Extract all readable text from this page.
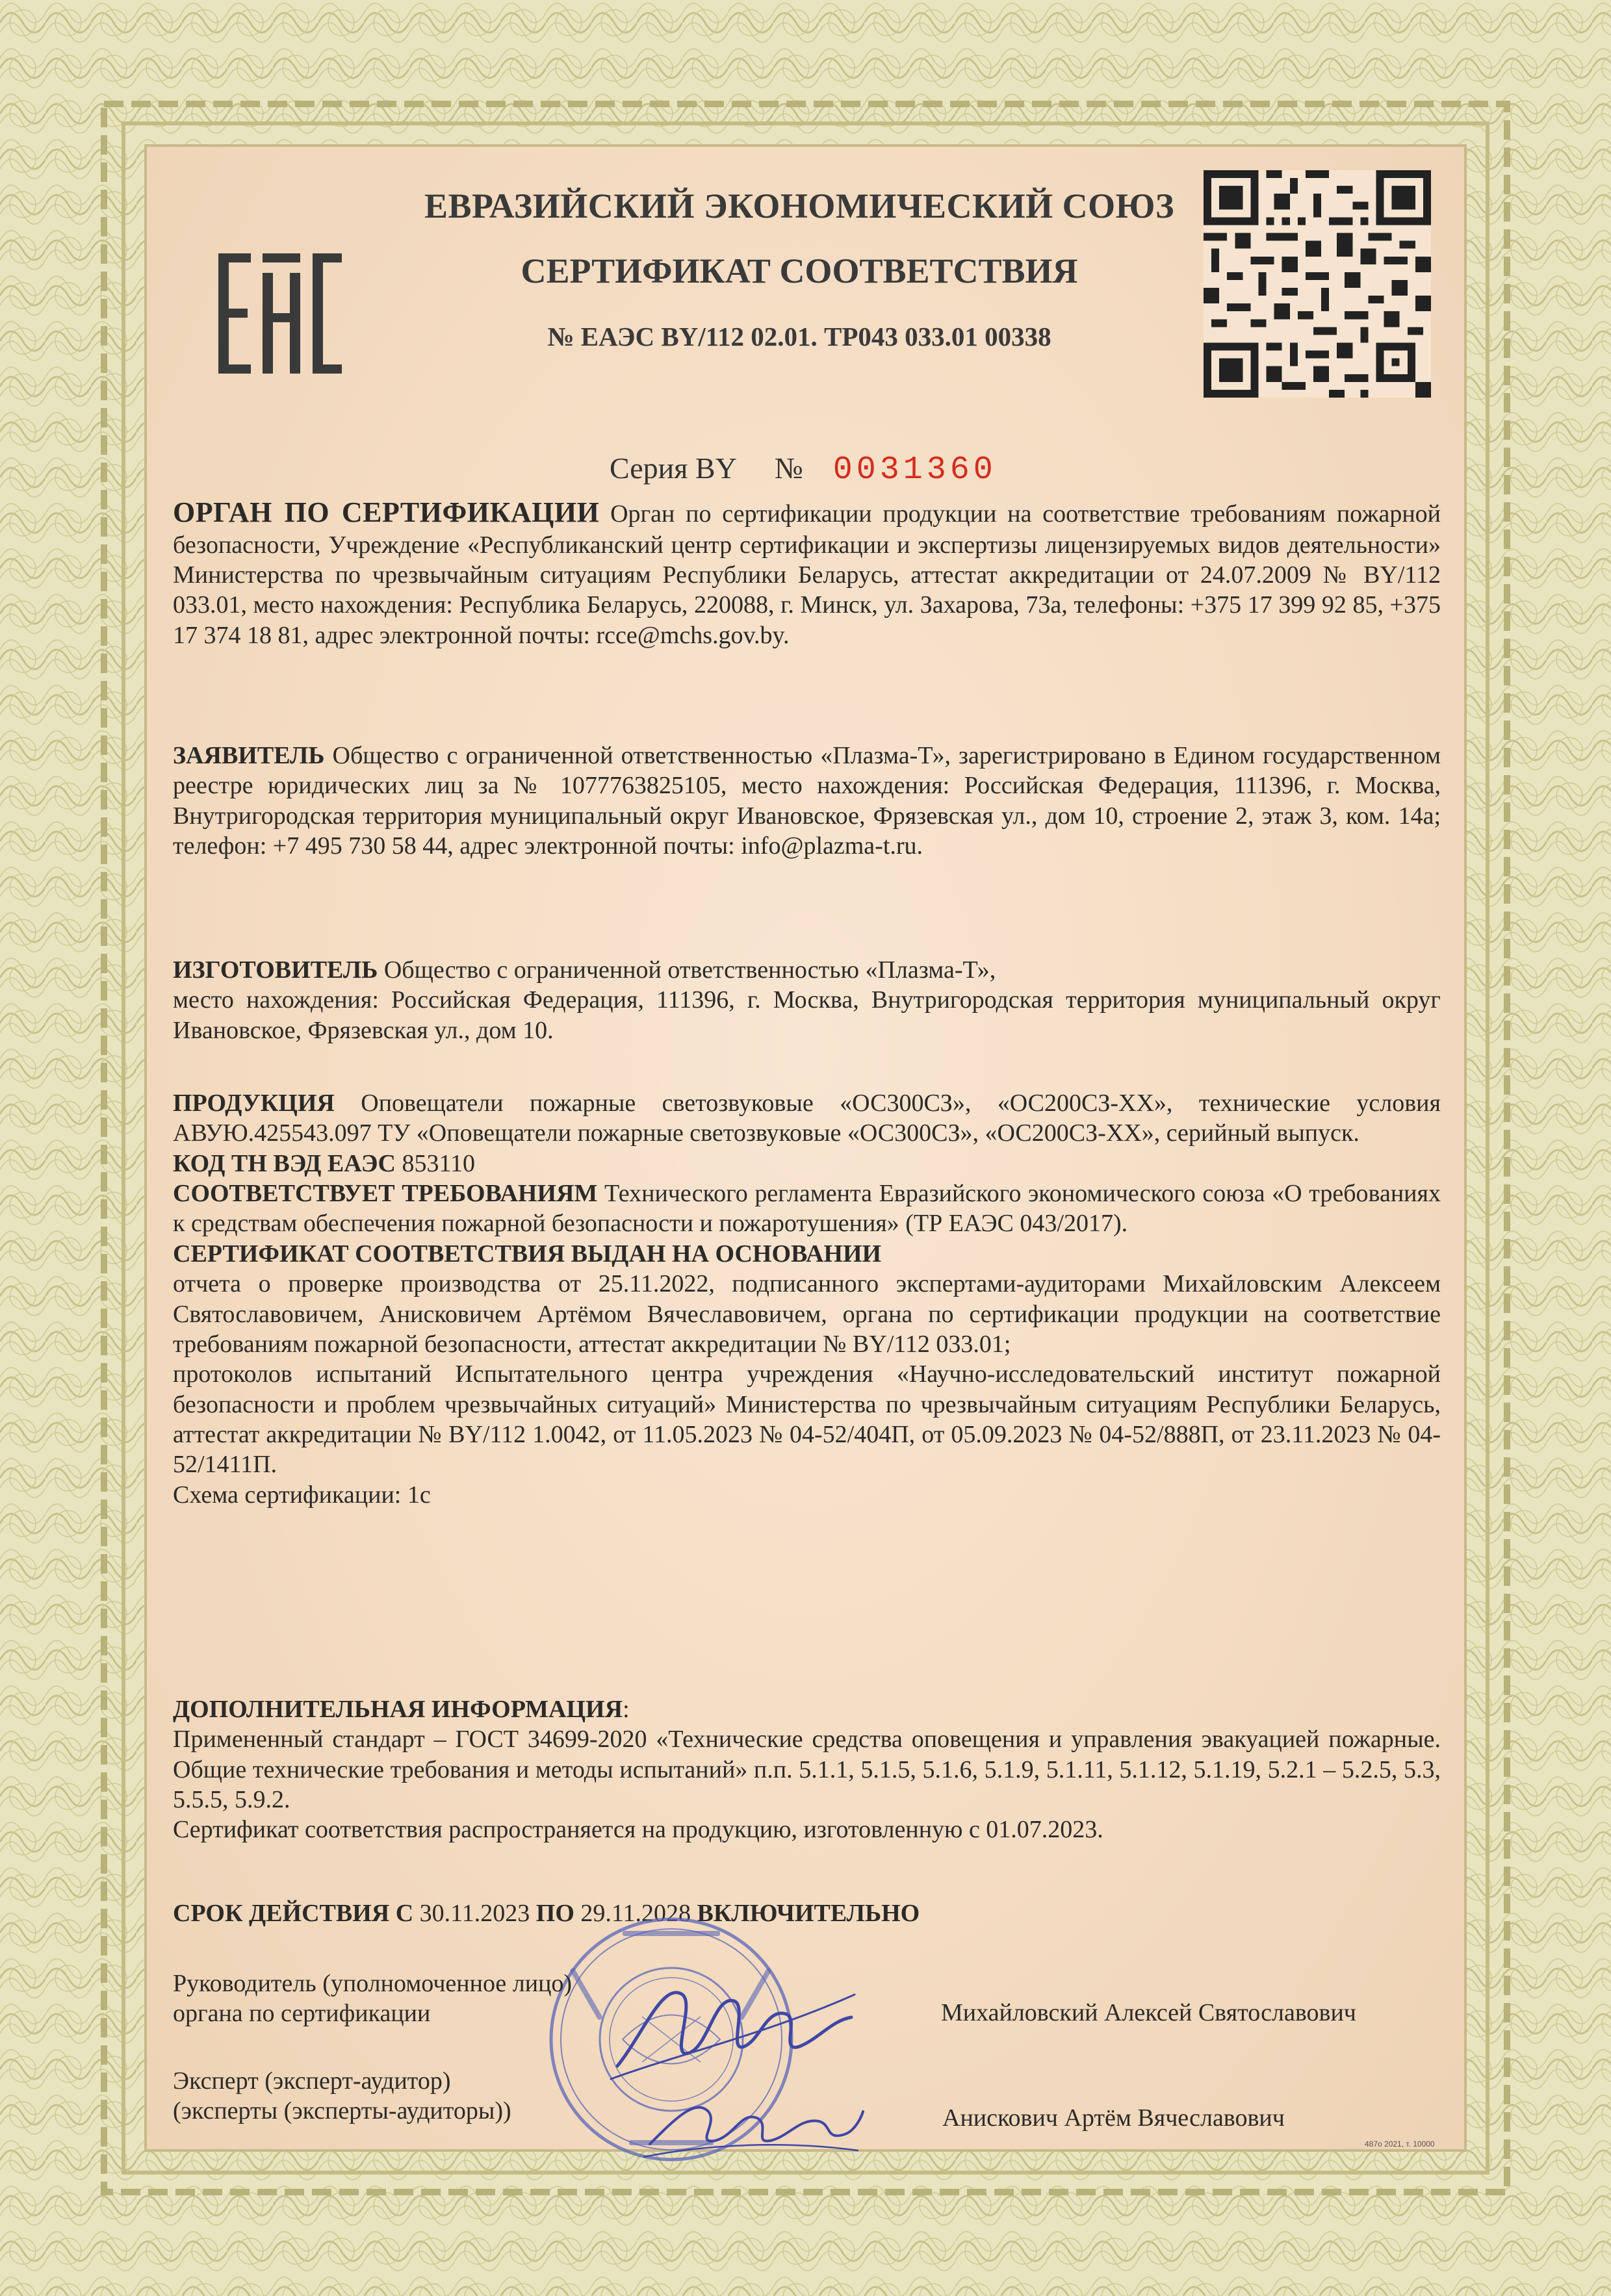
ЕВРАЗИЙСКИЙ ЭКОНОМИЧЕСКИЙ СОЮЗ
СЕРТИФИКАТ СООТВЕТСТВИЯ
№ ЕАЭС BY/112 02.01. ТР043 033.01 00338
Серия BY № 0031360

ОРГАН ПО СЕРТИФИКАЦИИ Орган по сертификации продукции на соответствие требованиям пожарной безопасности, Учреждение «Республиканский центр сертификации и экспертизы лицензируемых видов деятельности» Министерства по чрезвычайным ситуациям Республики Беларусь, аттестат аккредитации от 24.07.2009 № BY/112 033.01, место нахождения: Республика Беларусь, 220088, г. Минск, ул. Захарова, 73а, телефоны: +375 17 399 92 85, +375 17 374 18 81, адрес электронной почты: rcce@mchs.gov.by.

ЗАЯВИТЕЛЬ Общество с ограниченной ответственностью «Плазма-Т», зарегистрировано в Едином государственном реестре юридических лиц за № 1077763825105, место нахождения: Российская Федерация, 111396, г. Москва, Внутригородская территория муниципальный округ Ивановское, Фрязевская ул., дом 10, строение 2, этаж 3, ком. 14а; телефон: +7 495 730 58 44, адрес электронной почты: info@plazma-t.ru.

ИЗГОТОВИТЕЛЬ Общество с ограниченной ответственностью «Плазма-Т»,
место нахождения: Российская Федерация, 111396, г. Москва, Внутригородская территория муниципальный округ Ивановское, Фрязевская ул., дом 10.

ПРОДУКЦИЯ Оповещатели пожарные светозвуковые «ОС300СЗ», «ОС200СЗ-ХХ», технические условия АВУЮ.425543.097 ТУ «Оповещатели пожарные светозвуковые «ОС300СЗ», «ОС200СЗ-ХХ», серийный выпуск.

КОД ТН ВЭД ЕАЭС 853110

СООТВЕТСТВУЕТ ТРЕБОВАНИЯМ Технического регламента Евразийского экономического союза «О требованиях к средствам обеспечения пожарной безопасности и пожаротушения» (ТР ЕАЭС 043/2017).

СЕРТИФИКАТ СООТВЕТСТВИЯ ВЫДАН НА ОСНОВАНИИ

отчета о проверке производства от 25.11.2022, подписанного экспертами-аудиторами Михайловским Алексеем Святославовичем, Анисковичем Артёмом Вячеславовичем, органа по сертификации продукции на соответствие требованиям пожарной безопасности, аттестат аккредитации № BY/112 033.01;

протоколов испытаний Испытательного центра учреждения «Научно-исследовательский институт пожарной безопасности и проблем чрезвычайных ситуаций» Министерства по чрезвычайным ситуациям Республики Беларусь, аттестат аккредитации № BY/112 1.0042, от 11.05.2023 № 04-52/404П, от 05.09.2023 № 04-52/888П, от 23.11.2023 № 04-52/1411П.

Схема сертификации: 1с

ДОПОЛНИТЕЛЬНАЯ ИНФОРМАЦИЯ:

Примененный стандарт – ГОСТ 34699-2020 «Технические средства оповещения и управления эвакуацией пожарные. Общие технические требования и методы испытаний» п.п. 5.1.1, 5.1.5, 5.1.6, 5.1.9, 5.1.11, 5.1.12, 5.1.19, 5.2.1 – 5.2.5, 5.3, 5.5.5, 5.9.2.

Сертификат соответствия распространяется на продукцию, изготовленную с 01.07.2023.

СРОК ДЕЙСТВИЯ С 30.11.2023 ПО 29.11.2028 ВКЛЮЧИТЕЛЬНО

Руководитель (уполномоченное лицо)
органа по сертификации	Михайловский Алексей Святославович
Эксперт (эксперт-аудитор)
(эксперты (эксперты-аудиторы))	Анискович Артём Вячеславович
487о 2021, т. 10000
